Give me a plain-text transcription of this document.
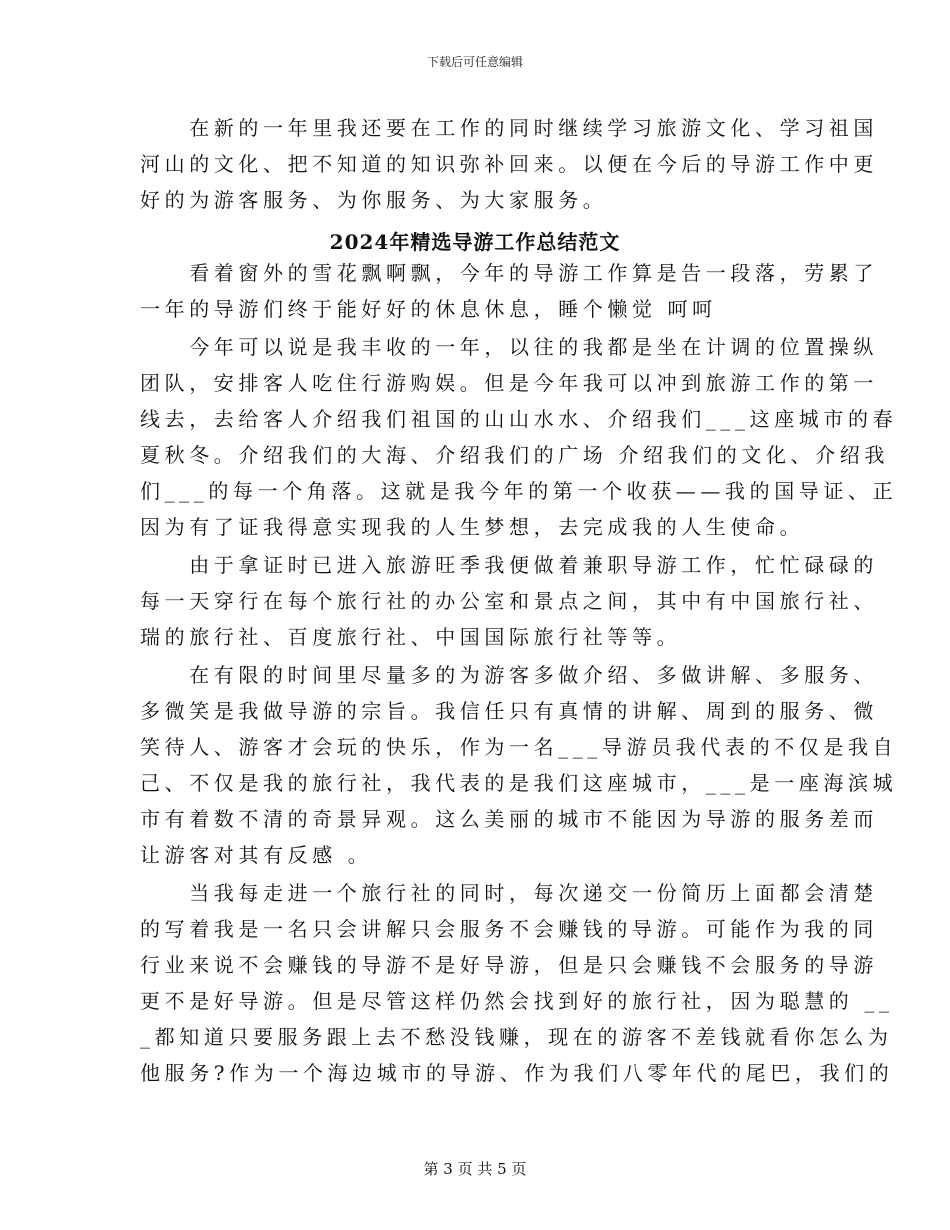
下载后可任意编辑
　　在新的一年里我还要在工作的同时继续学习旅游文化、学习祖国
河山的文化、把不知道的知识弥补回来。以便在今后的导游工作中更
好的为游客服务、为你服务、为大家服务。
2024年精选导游工作总结范文
　　看着窗外的雪花飘啊飘，今年的导游工作算是告一段落，劳累了
一年的导游们终于能好好的休息休息，睡个懒觉 呵呵
　　今年可以说是我丰收的一年，以往的我都是坐在计调的位置操纵
团队，安排客人吃住行游购娱。但是今年我可以冲到旅游工作的第一
线去，去给客人介绍我们祖国的山山水水、介绍我们___这座城市的春
夏秋冬。介绍我们的大海、介绍我们的广场 介绍我们的文化、介绍我
们___的每一个角落。这就是我今年的第一个收获——我的国导证、正
因为有了证我得意实现我的人生梦想，去完成我的人生使命。
　　由于拿证时已进入旅游旺季我便做着兼职导游工作，忙忙碌碌的
每一天穿行在每个旅行社的办公室和景点之间，其中有中国旅行社、
瑞的旅行社、百度旅行社、中国国际旅行社等等。
　　在有限的时间里尽量多的为游客多做介绍、多做讲解、多服务、
多微笑是我做导游的宗旨。我信任只有真情的讲解、周到的服务、微
笑待人、游客才会玩的快乐，作为一名___导游员我代表的不仅是我自
己、不仅是我的旅行社，我代表的是我们这座城市，___是一座海滨城
市有着数不清的奇景异观。这么美丽的城市不能因为导游的服务差而
让游客对其有反感 。
　　当我每走进一个旅行社的同时，每次递交一份简历上面都会清楚
的写着我是一名只会讲解只会服务不会赚钱的导游。可能作为我的同
行业来说不会赚钱的导游不是好导游，但是只会赚钱不会服务的导游
更不是好导游。但是尽管这样仍然会找到好的旅行社，因为聪慧的 __
_都知道只要服务跟上去不愁没钱赚，现在的游客不差钱就看你怎么为
他服务?作为一个海边城市的导游、作为我们八零年代的尾巴，我们的
第 3 页 共 5 页
